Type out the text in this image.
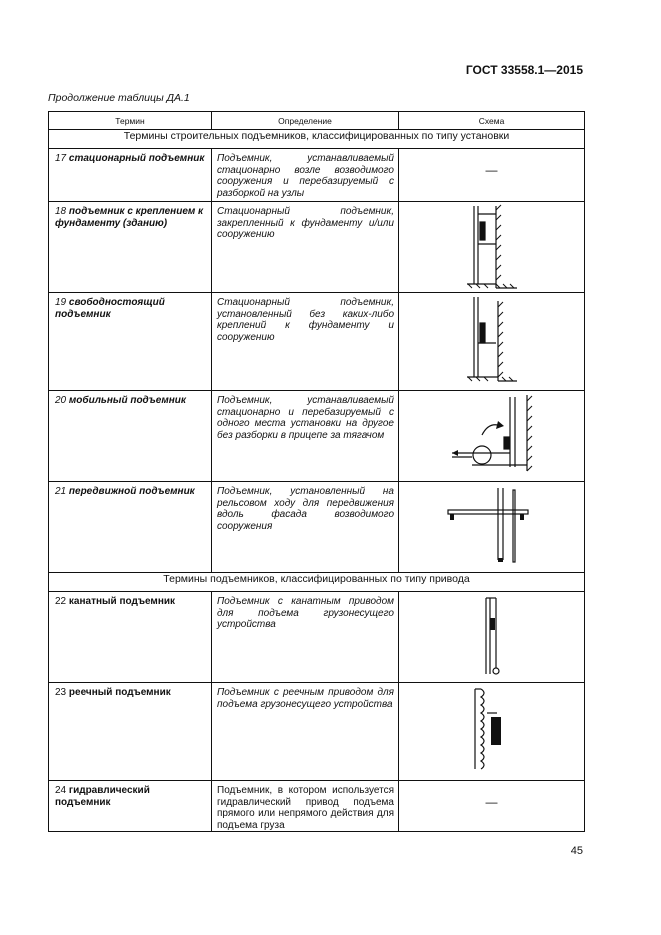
ГОСТ 33558.1—2015
Продолжение таблицы ДА.1
Термин	Определение	Схема
Термины строительных подъемников, классифицированных по типу установки		
17 стационарный подъемник	Подъемник, устанавливаемый стационарно возле возводимого сооружения и перебазируемый с разборкой на узлы	—

18 подъемник с креплением к фундаменту (зданию)	Стационарный подъемник, закрепленный к фундаменту и/или сооружению	

19 свободностоящий подъемник	Стационарный подъемник, установленный без каких-либо креплений к фундаменту и сооружению	

20 мобильный подъемник	Подъемник, устанавливаемый стационарно и перебазируемый с одного места установки на другое без разборки в прицепе за тягачом	

21 передвижной подъемник	Подъемник, установленный на рельсовом ходу для передвижения вдоль фасада возводимого сооружения	

Термины подъемников, классифицированных по типу привода		
22 канатный подъемник	Подъемник с канатным приводом для подъема грузонесущего устройства	

23 реечный подъемник	Подъемник с реечным приводом для подъема грузонесущего устройства	

24 гидравлический подъемник	Подъемник, в котором используется гидравлический привод подъема прямого или непрямого действия для подъема груза	—
45
